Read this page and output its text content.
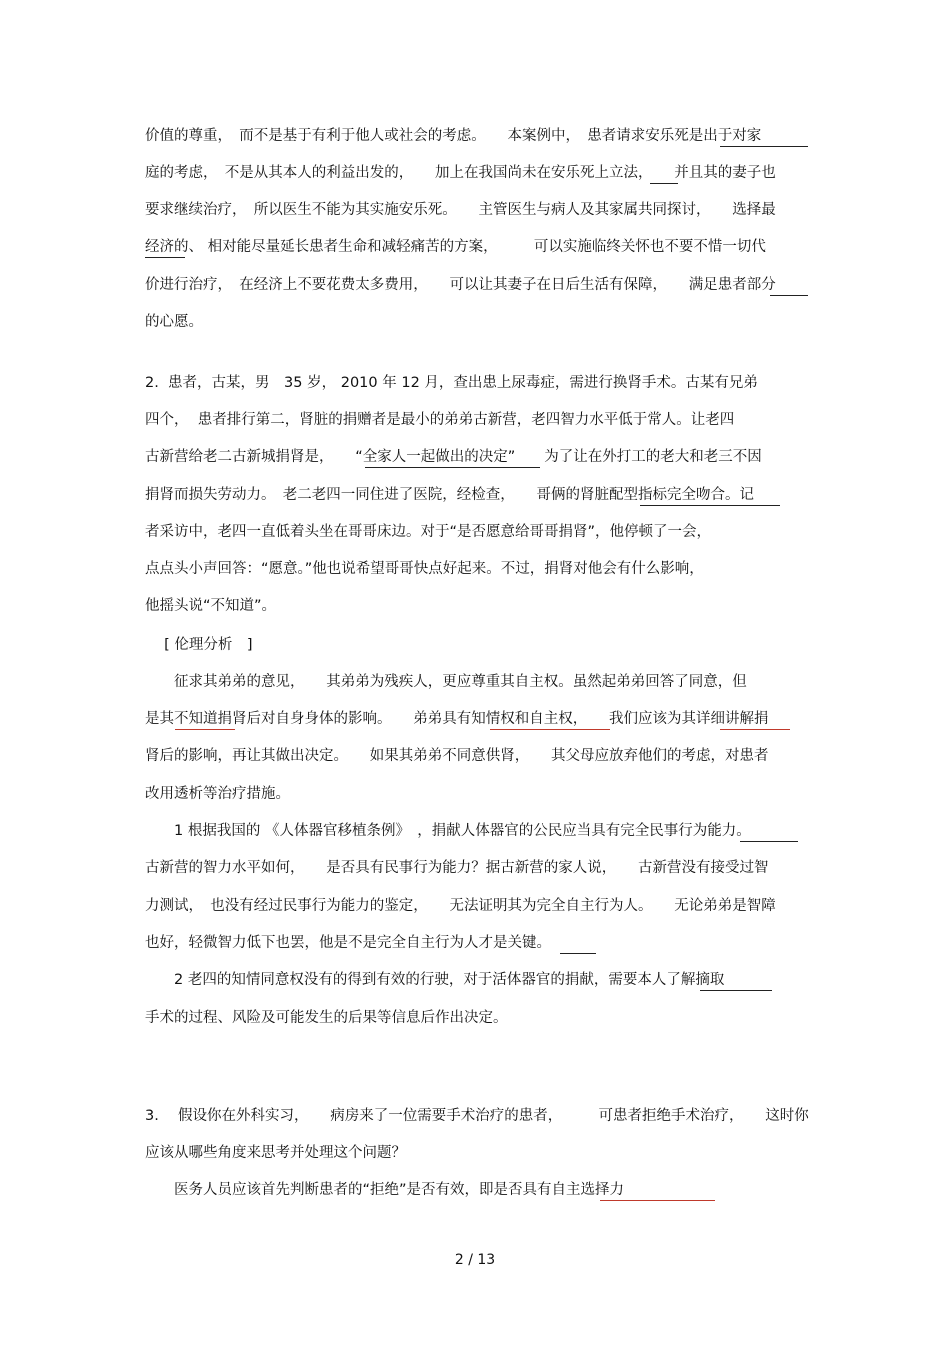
价值的尊重，　而不是基于有利于他人或社会的考虑。　　本案例中，　患者请求安乐死是出于对家
庭的考虑，　不是从其本人的利益出发的，　　加上在我国尚未在安乐死上立法，　　并且其的妻子也
要求继续治疗，　所以医生不能为其实施安乐死。　　主管医生与病人及其家属共同探讨，　　选择最
经济的、 相对能尽量延长患者生命和减轻痛苦的方案，　　　可以实施临终关怀也不要不惜一切代
价进行治疗，　在经济上不要花费太多费用，　　可以让其妻子在日后生活有保障，　　满足患者部分
的心愿。
2.  患者，古某，男　35 岁， 2010 年 12 月，查出患上尿毒症，需进行换肾手术。古某有兄弟
四个，  患者排行第二，肾脏的捐赠者是最小的弟弟古新营，老四智力水平低于常人。让老四
古新营给老二古新城捐肾是，　　“全家人一起做出的决定”　　为了让在外打工的老大和老三不因
捐肾而损失劳动力。　老二老四一同住进了医院，经检查，　　哥俩的肾脏配型指标完全吻合。记
者采访中，老四一直低着头坐在哥哥床边。对于“是否愿意给哥哥捐肾”，他停顿了一会，
点点头小声回答：“愿意。”他也说希望哥哥快点好起来。不过，捐肾对他会有什么影响，
他摇头说“不知道”。
　 [ 伦理分析　]
　　征求其弟弟的意见，　　其弟弟为残疾人，更应尊重其自主权。虽然起弟弟回答了同意，但
是其不知道捐肾后对自身身体的影响。　　弟弟具有知情权和自主权，　　我们应该为其详细讲解捐
肾后的影响，再让其做出决定。　　如果其弟弟不同意供肾，　　其父母应放弃他们的考虑，对患者
改用透析等治疗措施。
　　1 根据我国的 《人体器官移植条例》　，捐献人体器官的公民应当具有完全民事行为能力。
古新营的智力水平如何，　　是否具有民事行为能力？据古新营的家人说，　　古新营没有接受过智
力测试，　也没有经过民事行为能力的鉴定，　　无法证明其为完全自主行为人。　　无论弟弟是智障
也好，轻微智力低下也罢，他是不是完全自主行为人才是关键。
　　2 老四的知情同意权没有的得到有效的行驶，对于活体器官的捐献，需要本人了解摘取
手术的过程、风险及可能发生的后果等信息后作出决定。
3.　 假设你在外科实习，　　病房来了一位需要手术治疗的患者，　　　可患者拒绝手术治疗，　　这时你
应该从哪些角度来思考并处理这个问题？
　　医务人员应该首先判断患者的“拒绝”是否有效，即是否具有自主选择力
2 / 13
